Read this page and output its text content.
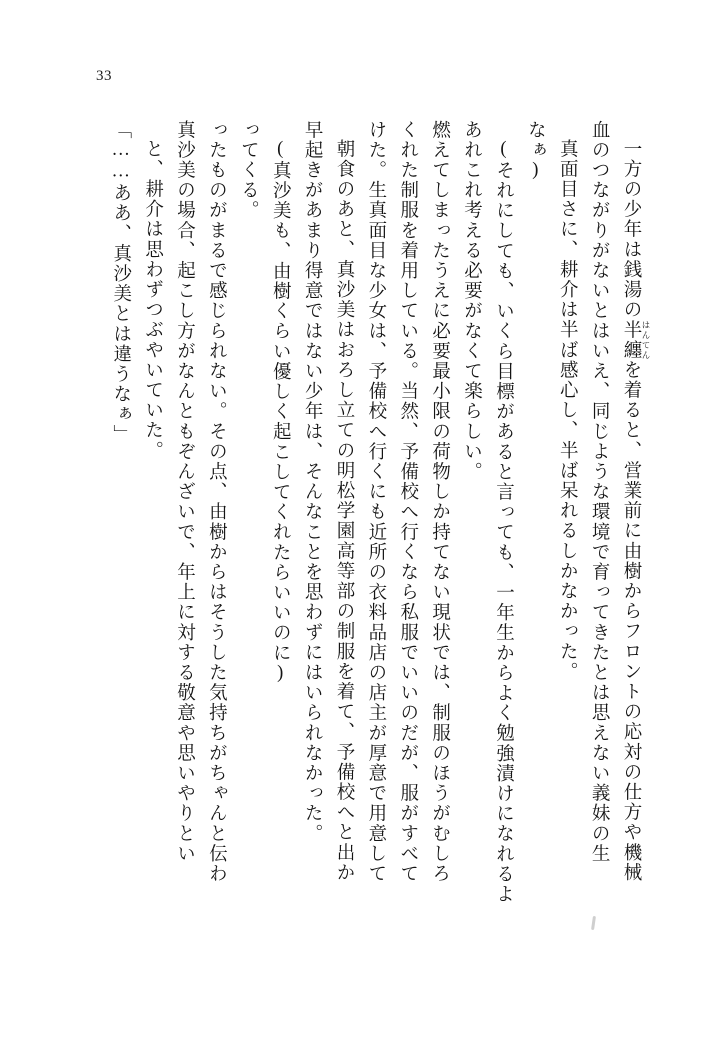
33
「……ああ、真沙美とは違うなぁ」 と、耕介は思わずつぶやいていた。 真沙美の場合、起こし方がなんともぞんざいで、年上に対する敬意や思いやりとい ったものがまるで感じられない。その点、由樹からはそうした気持ちがちゃんと伝わ ってくる。 (真沙美も、由樹くらい優しく起こしてくれたらいいのに) 早起きがあまり得意ではない少年は、そんなことを思わずにはいられなかった。 朝食のあと、真沙美はおろし立ての明松学園高等部の制服を着て、予備校へと出か けた。生真面目な少女は、予備校へ行くにも近所の衣料品店の店主が厚意で用意して くれた制服を着用している。当然、予備校へ行くなら私服でいいのだが、服がすべて 燃えてしまったうえに必要最小限の荷物しか持てない現状では、制服のほうがむしろ あれこれ考える必要がなくて楽らしい。 (それにしても、いくら目標があると言っても、一年生からよく勉強漬けになれるよ なぁ) 真面目さに、耕介は半ば感心し、半ば呆れるしかなかった。 血のつながりがないとはいえ、同じような環境で育ってきたとは思えない義妹の生 一方の少年は銭湯の半纏 はんてんを着ると、営業前に由樹からフロントの応対の仕方や機械
